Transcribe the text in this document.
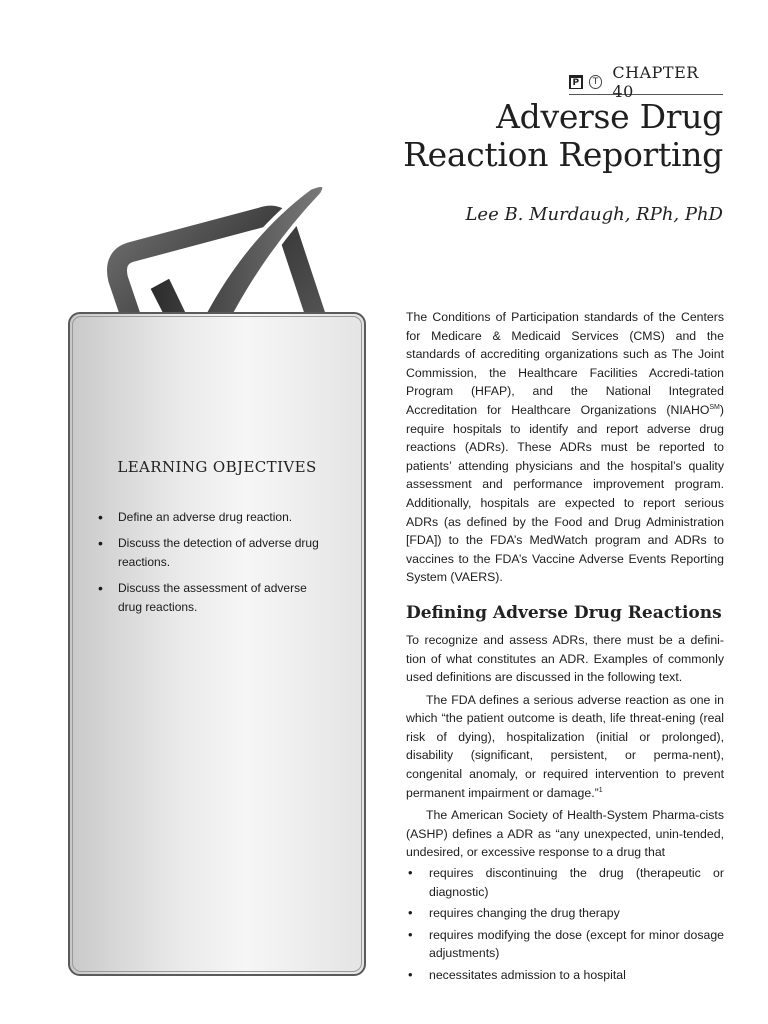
P	T CHAPTER 40
Adverse Drug
Reaction Reporting
Lee B. Murdaugh, RPh, PhD
LEARNING OBJECTIVES
• Define an adverse drug reaction.
• Discuss the detection of adverse drug reactions.
• Discuss the assessment of adverse drug reactions.

The Conditions of Participation standards of the Centers for Medicare & Medicaid Services (CMS) and the standards of accrediting organizations such as The Joint Commission, the Healthcare Facilities Accredi-tation Program (HFAP), and the National Integrated Accreditation for Healthcare Organizations (NIAHO℠) require hospitals to identify and report adverse drug reactions (ADRs). These ADRs must be reported to patients’ attending physicians and the hospital’s quality assessment and performance improvement program. Additionally, hospitals are expected to report serious ADRs (as defined by the Food and Drug Administration [FDA]) to the FDA’s MedWatch program and ADRs to vaccines to the FDA’s Vaccine Adverse Events Reporting System (VAERS).

Defining Adverse Drug Reactions

To recognize and assess ADRs, there must be a defini-tion of what constitutes an ADR. Examples of commonly used definitions are discussed in the following text.

The FDA defines a serious adverse reaction as one in which “the patient outcome is death, life threat-ening (real risk of dying), hospitalization (initial or prolonged), disability (significant, persistent, or perma-nent), congenital anomaly, or required intervention to prevent permanent impairment or damage.”$^1$

The American Society of Health-System Pharma-cists (ASHP) defines a ADR as “any unexpected, unin-tended, undesired, or excessive response to a drug that

• requires discontinuing the drug (therapeutic or diagnostic)
• requires changing the drug therapy
• requires modifying the dose (except for minor dosage adjustments)
• necessitates admission to a hospital
